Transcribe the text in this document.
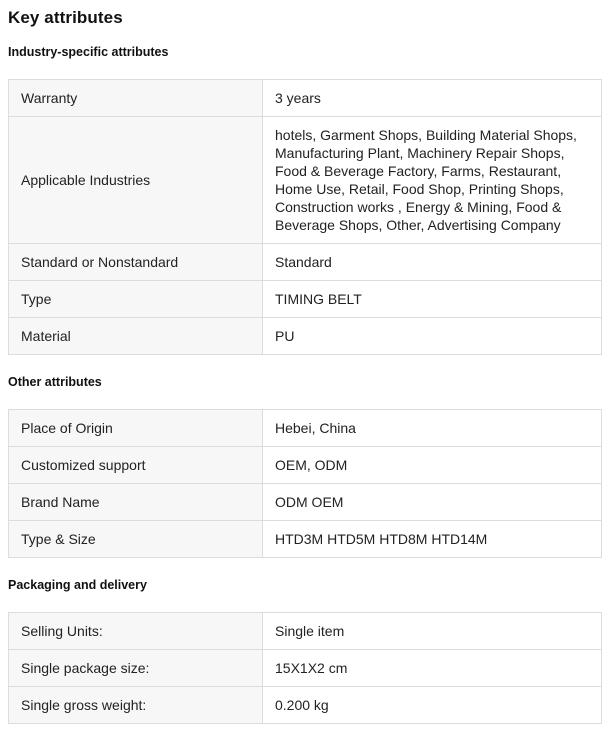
Key attributes
Industry-specific attributes
Warranty	3 years
Applicable Industries	hotels, Garment Shops, Building Material Shops, Manufacturing Plant, Machinery Repair Shops, Food & Beverage Factory, Farms, Restaurant, Home Use, Retail, Food Shop, Printing Shops, Construction works , Energy & Mining, Food & Beverage Shops, Other, Advertising Company
Standard or Nonstandard	Standard
Type	TIMING BELT
Material	PU
Other attributes
Place of Origin	Hebei, China
Customized support	OEM, ODM
Brand Name	ODM OEM
Type & Size	HTD3M HTD5M HTD8M HTD14M
Packaging and delivery
Selling Units:	Single item
Single package size:	15X1X2 cm
Single gross weight:	0.200 kg
